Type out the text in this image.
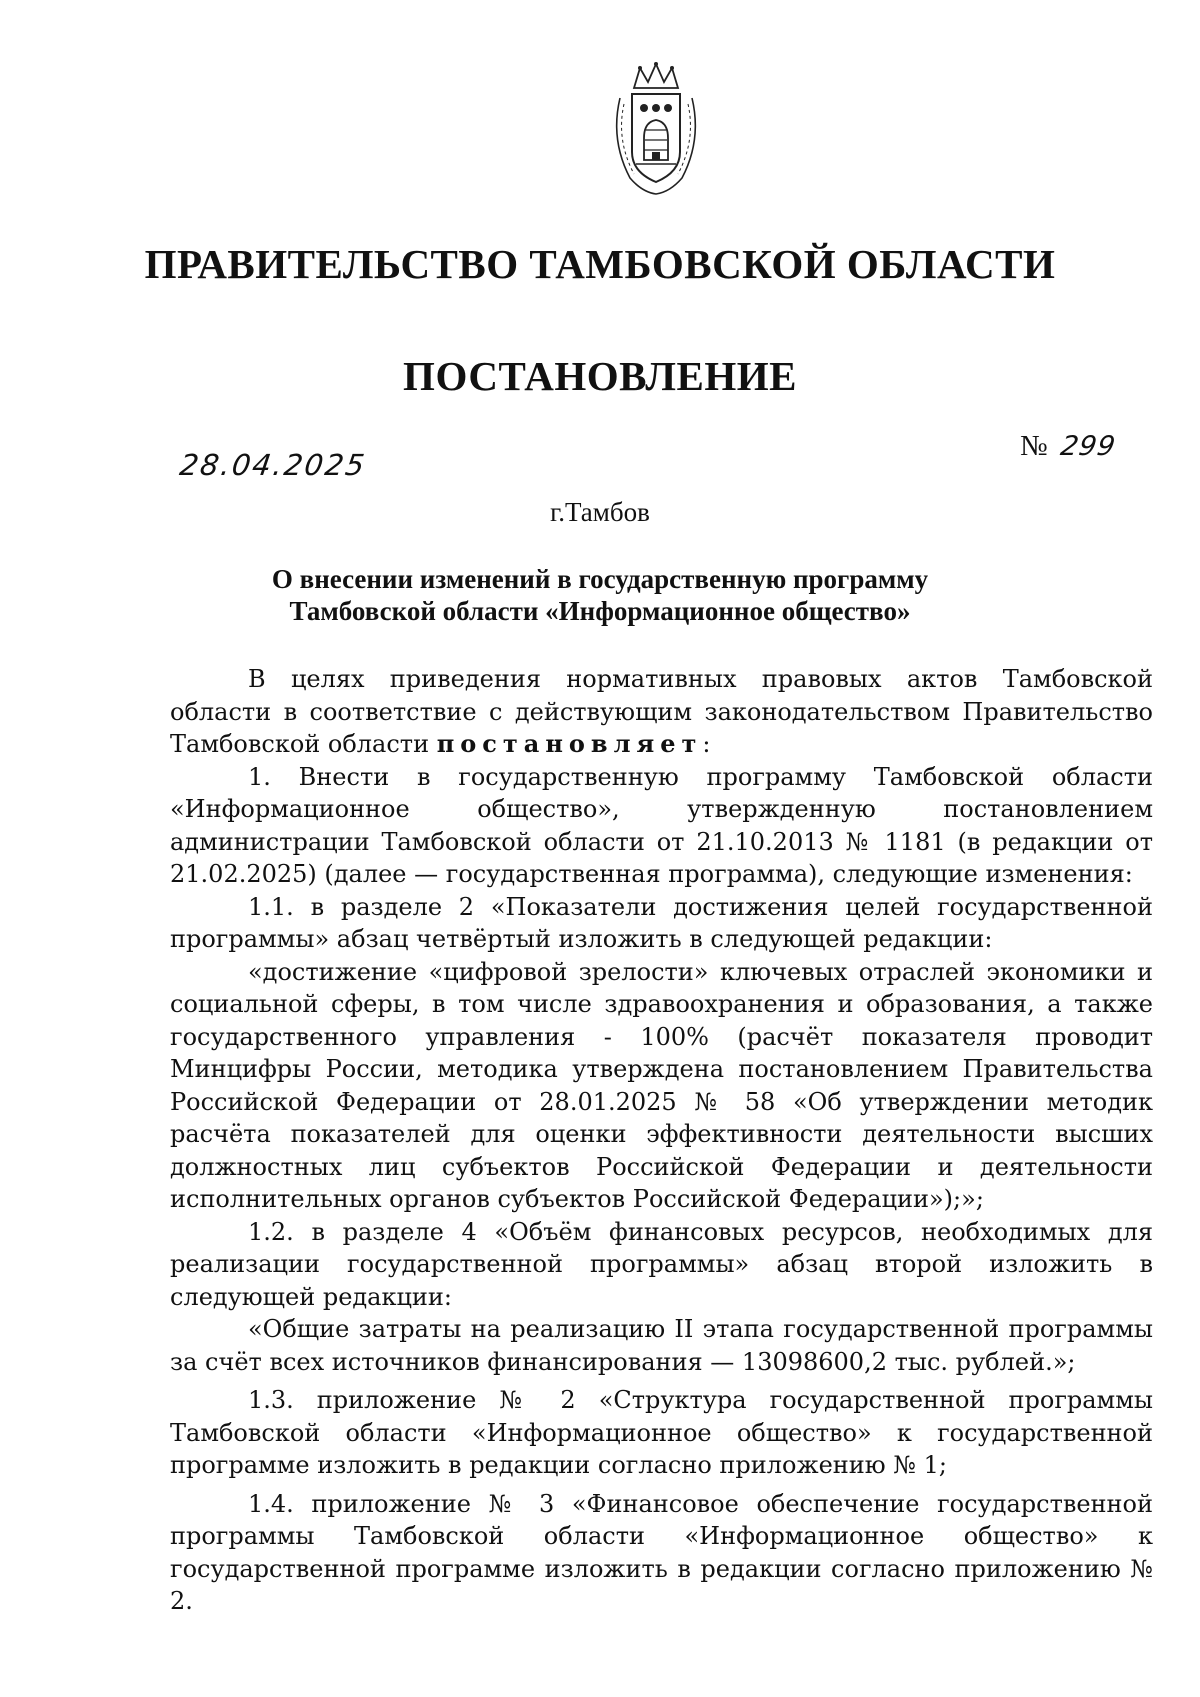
ПРАВИТЕЛЬСТВО ТАМБОВСКОЙ ОБЛАСТИ
ПОСТАНОВЛЕНИЕ
28.04.2025
№ 299
г.Тамбов
О внесении изменений в государственную программу
Тамбовской области «Информационное общество»

В целях приведения нормативных правовых актов Тамбовской области в соответствие с действующим законодательством Правительство Тамбовской области постановляет:

1. Внести в государственную программу Тамбовской области «Информационное общество», утвержденную постановлением администрации Тамбовской области от 21.10.2013 № 1181 (в редакции от 21.02.2025) (далее — государственная программа), следующие изменения:

1.1. в разделе 2 «Показатели достижения целей государственной программы» абзац четвёртый изложить в следующей редакции:

«достижение «цифровой зрелости» ключевых отраслей экономики и социальной сферы, в том числе здравоохранения и образования, а также государственного управления - 100% (расчёт показателя проводит Минцифры России, методика утверждена постановлением Правительства Российской Федерации от 28.01.2025 № 58 «Об утверждении методик расчёта показателей для оценки эффективности деятельности высших должностных лиц субъектов Российской Федерации и деятельности исполнительных органов субъектов Российской Федерации»);»;

1.2. в разделе 4 «Объём финансовых ресурсов, необходимых для реализации государственной программы» абзац второй изложить в следующей редакции:

«Общие затраты на реализацию II этапа государственной программы за счёт всех источников финансирования — 13098600,2 тыс. рублей.»;

1.3. приложение № 2 «Структура государственной программы Тамбовской области «Информационное общество» к государственной программе изложить в редакции согласно приложению № 1;

1.4. приложение № 3 «Финансовое обеспечение государственной программы Тамбовской области «Информационное общество» к государственной программе изложить в редакции согласно приложению № 2.
